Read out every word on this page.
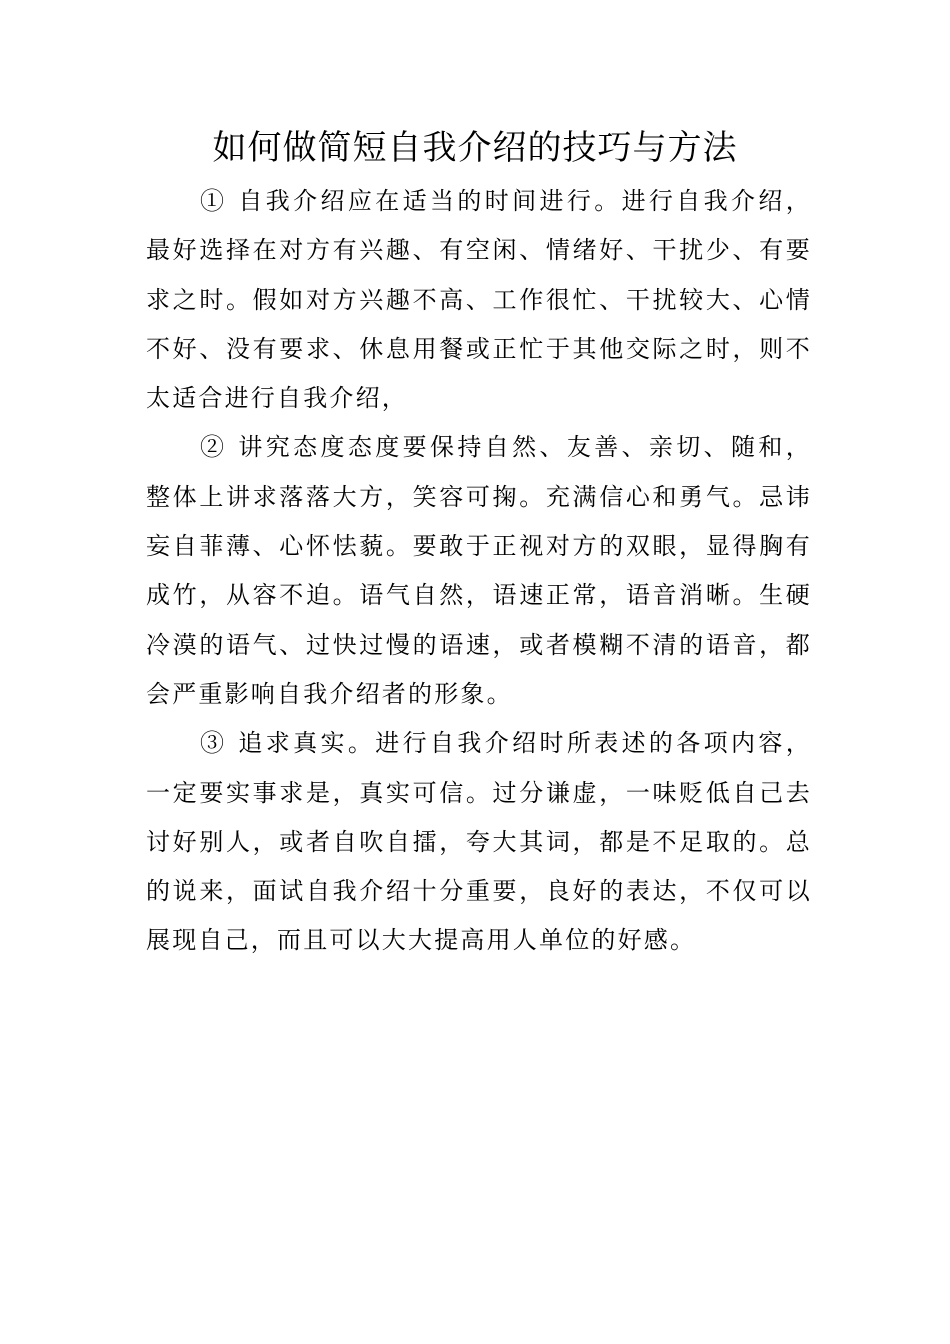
如何做简短自我介绍的技巧与方法

① 自我介绍应在适当的时间进行。进行自我介绍，最好选择在对方有兴趣、有空闲、情绪好、干扰少、有要求之时。假如对方兴趣不高、工作很忙、干扰较大、心情不好、没有要求、休息用餐或正忙于其他交际之时，则不太适合进行自我介绍，

② 讲究态度态度要保持自然、友善、亲切、随和，整体上讲求落落大方，笑容可掬。充满信心和勇气。忌讳妄自菲薄、心怀怯藐。要敢于正视对方的双眼，显得胸有成竹，从容不迫。语气自然，语速正常，语音消晰。生硬冷漠的语气、过快过慢的语速，或者模糊不清的语音，都会严重影响自我介绍者的形象。

③ 追求真实。进行自我介绍时所表述的各项内容，一定要实事求是，真实可信。过分谦虚，一味贬低自己去讨好别人，或者自吹自擂，夸大其词，都是不足取的。总的说来，面试自我介绍十分重要，良好的表达，不仅可以展现自己，而且可以大大提高用人单位的好感。
